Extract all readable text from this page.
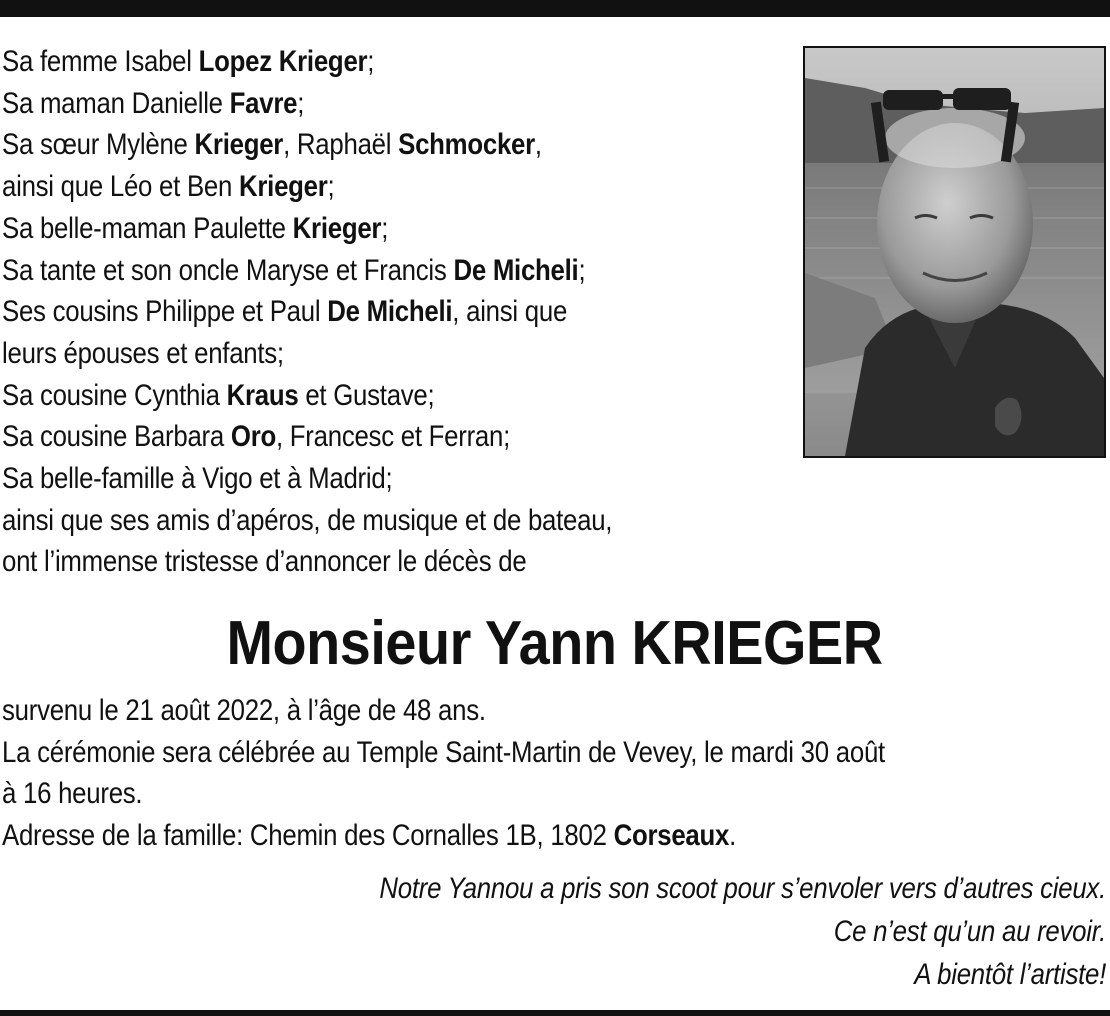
Sa femme Isabel Lopez Krieger;
Sa maman Danielle Favre;
Sa sœur Mylène Krieger, Raphaël Schmocker,
ainsi que Léo et Ben Krieger;
Sa belle-maman Paulette Krieger;
Sa tante et son oncle Maryse et Francis De Micheli;
Ses cousins Philippe et Paul De Micheli, ainsi que
leurs épouses et enfants;
Sa cousine Cynthia Kraus et Gustave;
Sa cousine Barbara Oro, Francesc et Ferran;
Sa belle-famille à Vigo et à Madrid;
ainsi que ses amis d’apéros, de musique et de bateau,
ont l’immense tristesse d’annoncer le décès de
Monsieur Yann KRIEGER
survenu le 21 août 2022, à l’âge de 48 ans.
La cérémonie sera célébrée au Temple Saint-Martin de Vevey, le mardi 30 août
à 16 heures.
Adresse de la famille: Chemin des Cornalles 1B, 1802 Corseaux.
Notre Yannou a pris son scoot pour s’envoler vers d’autres cieux.
Ce n’est qu’un au revoir.
A bientôt l’artiste!
